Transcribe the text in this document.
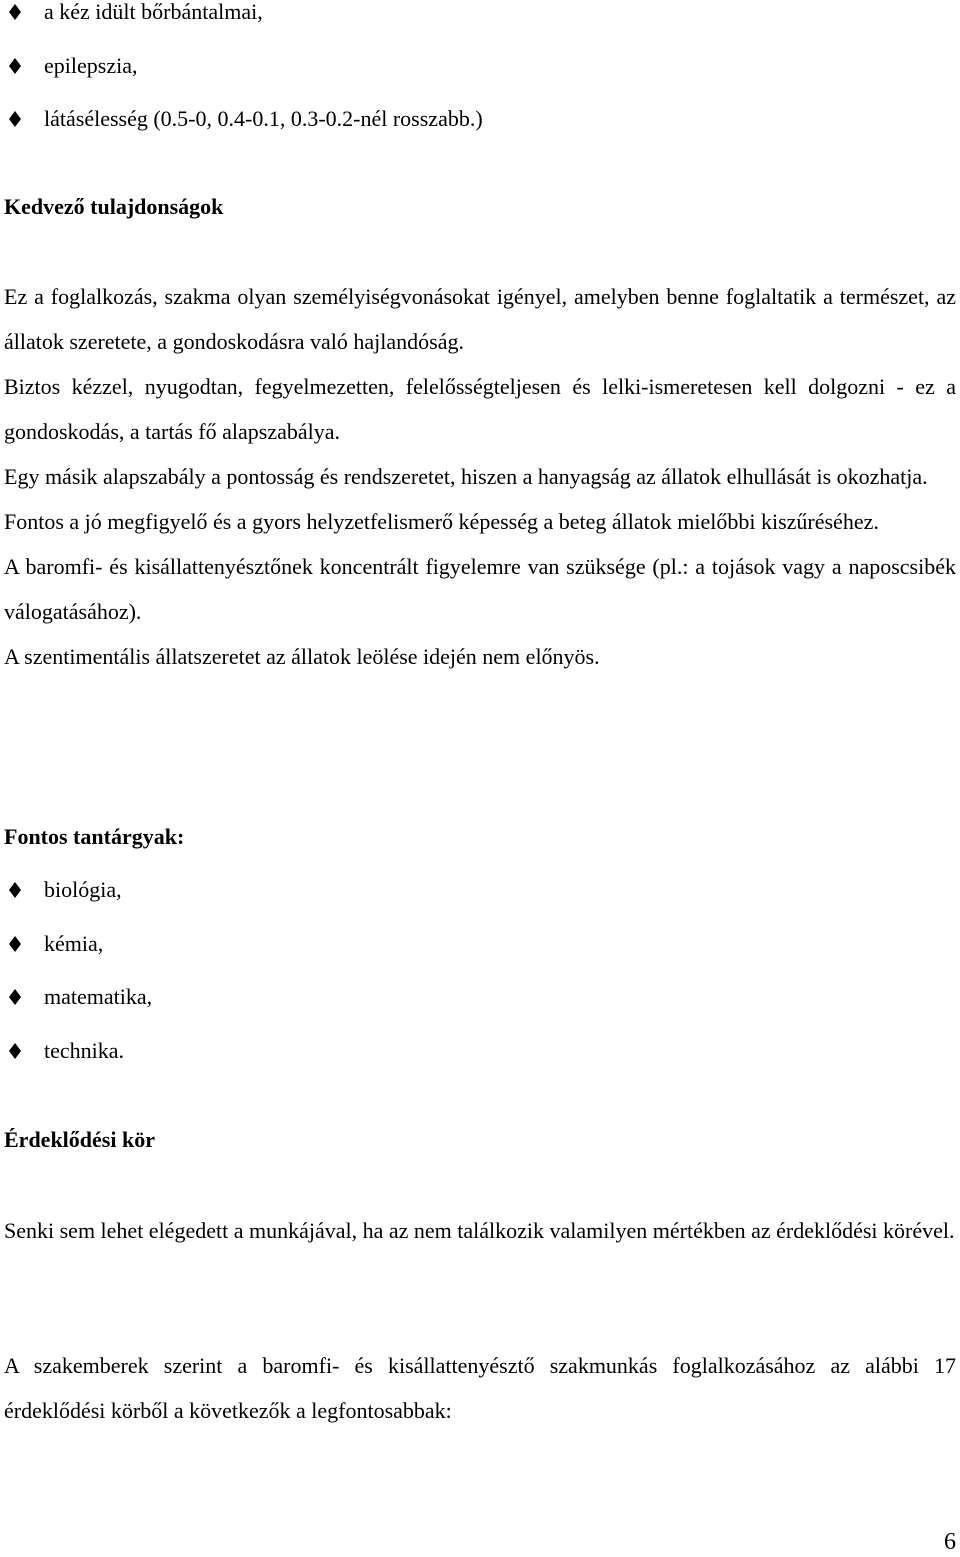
a kéz idült bőrbántalmai,
epilepszia,
látásélesség (0.5-0, 0.4-0.1, 0.3-0.2-nél rosszabb.)
Kedvező tulajdonságok

Ez a foglalkozás, szakma olyan személyiségvonásokat igényel, amelyben benne foglaltatik a természet, az állatok szeretete, a gondoskodásra való hajlandóság.

Biztos kézzel, nyugodtan, fegyelmezetten, felelősségteljesen és lelki-ismeretesen kell dolgozni - ez a gondoskodás, a tartás fő alapszabálya.

Egy másik alapszabály a pontosság és rendszeretet, hiszen a hanyagság az állatok elhullását is okozhatja.

Fontos a jó megfigyelő és a gyors helyzetfelismerő képesség a beteg állatok mielőbbi kiszűréséhez.

A baromfi- és kisállattenyésztőnek koncentrált figyelemre van szüksége (pl.: a tojások vagy a naposcsibék válogatásához).

A szentimentális állatszeretet az állatok leölése idején nem előnyös.

Fontos tantárgyak:
biológia,
kémia,
matematika,
technika.
Érdeklődési kör

Senki sem lehet elégedett a munkájával, ha az nem találkozik valamilyen mértékben az érdeklődési körével.

A szakemberek szerint a baromfi- és kisállattenyésztő szakmunkás foglalkozásához az alábbi 17 érdeklődési körből a következők a legfontosabbak:

6
